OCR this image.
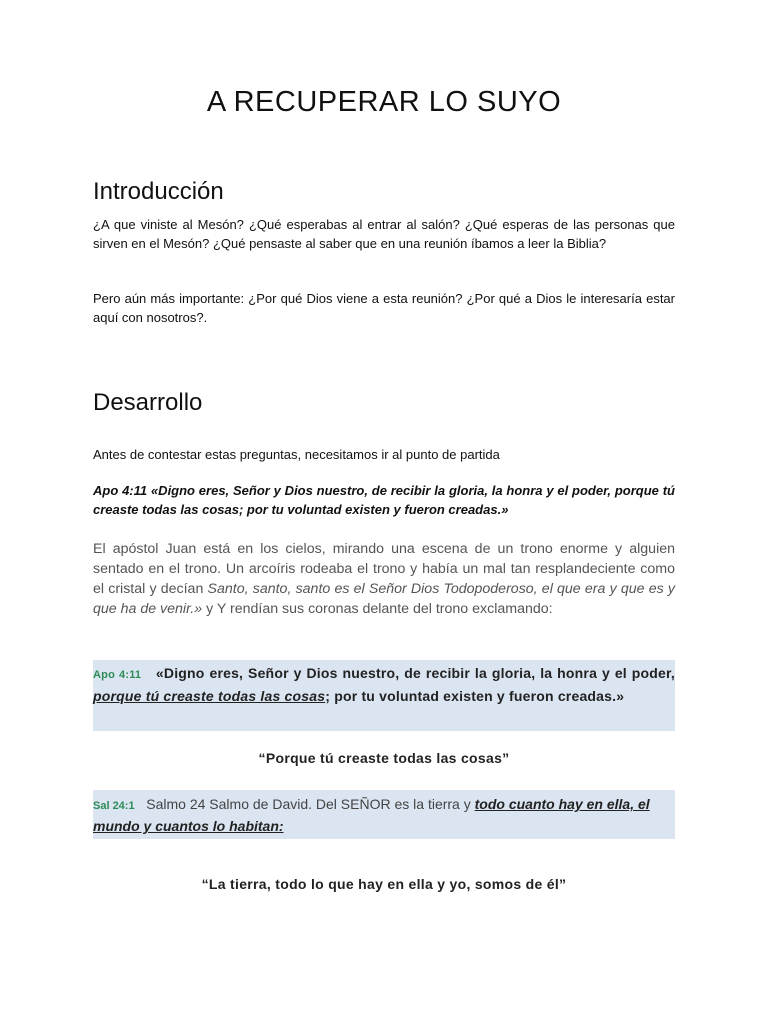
A RECUPERAR LO SUYO
Introducción
¿A que viniste al Mesón? ¿Qué esperabas al entrar al salón? ¿Qué esperas de las personas que sirven en el Mesón? ¿Qué pensaste al saber que en una reunión íbamos a leer la Biblia?
Pero aún más importante: ¿Por qué Dios viene a esta reunión? ¿Por qué a Dios le interesaría estar aquí con nosotros?.
Desarrollo
Antes de contestar estas preguntas, necesitamos ir al punto de partida
Apo 4:11 «Digno eres, Señor y Dios nuestro, de recibir la gloria, la honra y el poder, porque tú creaste todas las cosas; por tu voluntad existen y fueron creadas.»
El apóstol Juan está en los cielos, mirando una escena de un trono enorme y alguien sentado en el trono. Un arcoíris rodeaba el trono y había un mal tan resplandeciente como el cristal y decían Santo, santo, santo es el Señor Dios Todopoderoso, el que era y que es y que ha de venir.» y Y rendían sus coronas delante del trono exclamando:
Apo 4:11 «Digno eres, Señor y Dios nuestro, de recibir la gloria, la honra y el poder, porque tú creaste todas las cosas; por tu voluntad existen y fueron creadas.»
“Porque tú creaste todas las cosas”
Sal 24:1 Salmo 24 Salmo de David. Del SEÑOR es la tierra y todo cuanto hay en ella, el mundo y cuantos lo habitan:
“La tierra, todo lo que hay en ella y yo, somos de él”
